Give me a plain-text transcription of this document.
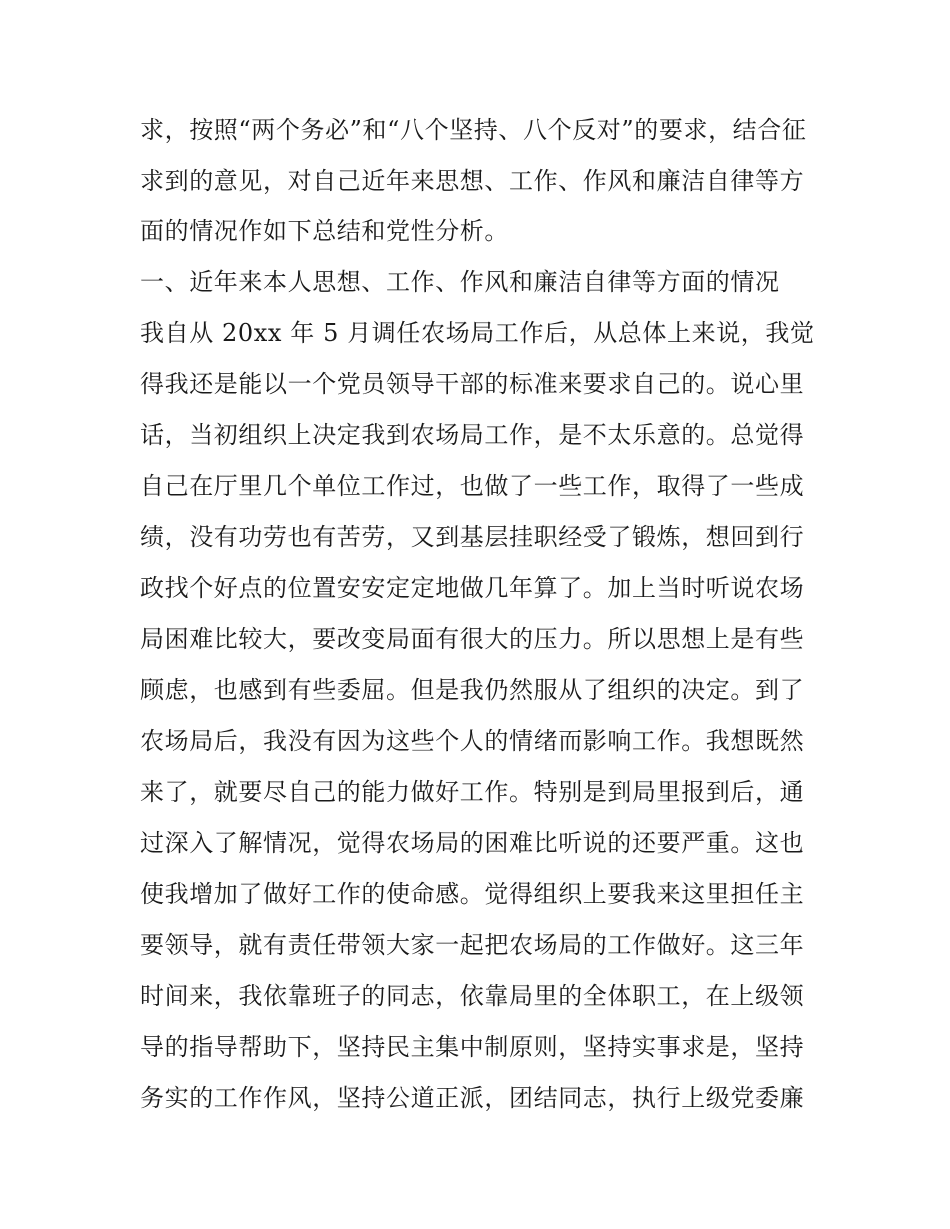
求，按照“两个务必”和“八个坚持、八个反对”的要求，结合征
求到的意见，对自己近年来思想、工作、作风和廉洁自律等方
面的情况作如下总结和党性分析。
一、近年来本人思想、工作、作风和廉洁自律等方面的情况
我自从 20xx 年 5 月调任农场局工作后，从总体上来说，我觉
得我还是能以一个党员领导干部的标准来要求自己的。说心里
话，当初组织上决定我到农场局工作，是不太乐意的。总觉得
自己在厅里几个单位工作过，也做了一些工作，取得了一些成
绩，没有功劳也有苦劳，又到基层挂职经受了锻炼，想回到行
政找个好点的位置安安定定地做几年算了。加上当时听说农场
局困难比较大，要改变局面有很大的压力。所以思想上是有些
顾虑，也感到有些委屈。但是我仍然服从了组织的决定。到了
农场局后，我没有因为这些个人的情绪而影响工作。我想既然
来了，就要尽自己的能力做好工作。特别是到局里报到后，通
过深入了解情况，觉得农场局的困难比听说的还要严重。这也
使我增加了做好工作的使命感。觉得组织上要我来这里担任主
要领导，就有责任带领大家一起把农场局的工作做好。这三年
时间来，我依靠班子的同志，依靠局里的全体职工，在上级领
导的指导帮助下，坚持民主集中制原则，坚持实事求是，坚持
务实的工作作风，坚持公道正派，团结同志，执行上级党委廉
